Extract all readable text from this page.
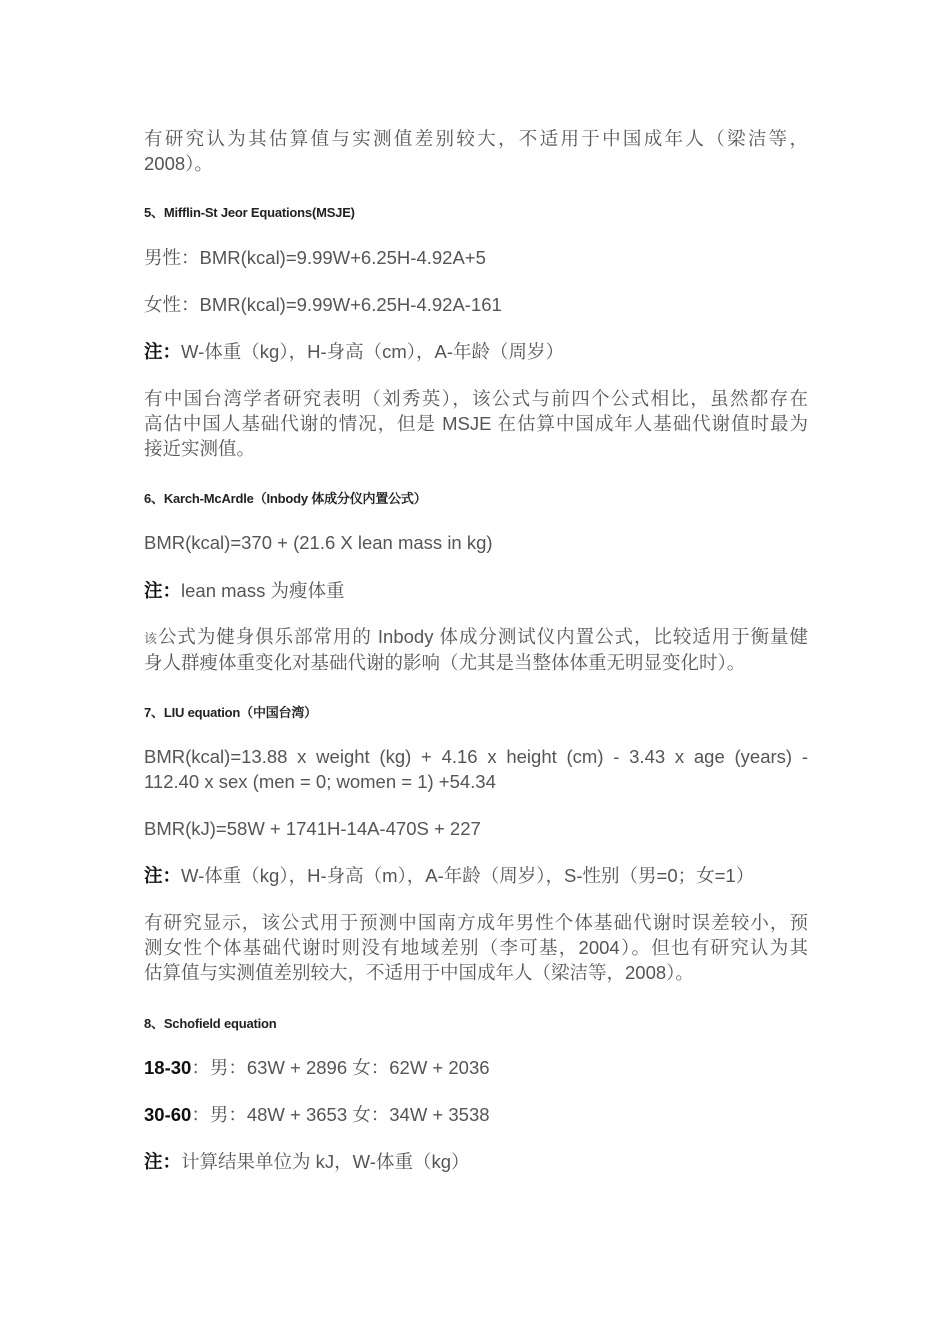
有研究认为其估算值与实测值差别较大，不适用于中国成年人（梁洁等，
2008）。
5、Mifflin-St Jeor Equations(MSJE)
男性：BMR(kcal)=9.99W+6.25H-4.92A+5
女性：BMR(kcal)=9.99W+6.25H-4.92A-161
注：W-体重（kg），H-身高（cm），A-年龄（周岁）
有中国台湾学者研究表明（刘秀英），该公式与前四个公式相比，虽然都存在
高估中国人基础代谢的情况，但是 MSJE 在估算中国成年人基础代谢值时最为
接近实测值。
6、Karch-McArdle（Inbody 体成分仪内置公式）
BMR(kcal)=370 + (21.6 X lean mass in kg)
注：lean mass 为瘦体重
该公式为健身俱乐部常用的 Inbody 体成分测试仪内置公式，比较适用于衡量健
身人群瘦体重变化对基础代谢的影响（尤其是当整体体重无明显变化时）。
7、LIU equation（中国台湾）
BMR(kcal)=13.88 x weight (kg) + 4.16 x height (cm) - 3.43 x age (years) -
112.40 x sex (men = 0; women = 1) +54.34
BMR(kJ)=58W + 1741H-14A-470S + 227
注：W-体重（kg），H-身高（m），A-年龄（周岁），S-性别（男=0；女=1）
有研究显示，该公式用于预测中国南方成年男性个体基础代谢时误差较小，预
测女性个体基础代谢时则没有地域差别（李可基，2004）。但也有研究认为其
估算值与实测值差别较大，不适用于中国成年人（梁洁等，2008）。
8、Schofield equation
18-30：男：63W + 2896 女：62W + 2036
30-60：男：48W + 3653 女：34W + 3538
注：计算结果单位为 kJ，W-体重（kg）
